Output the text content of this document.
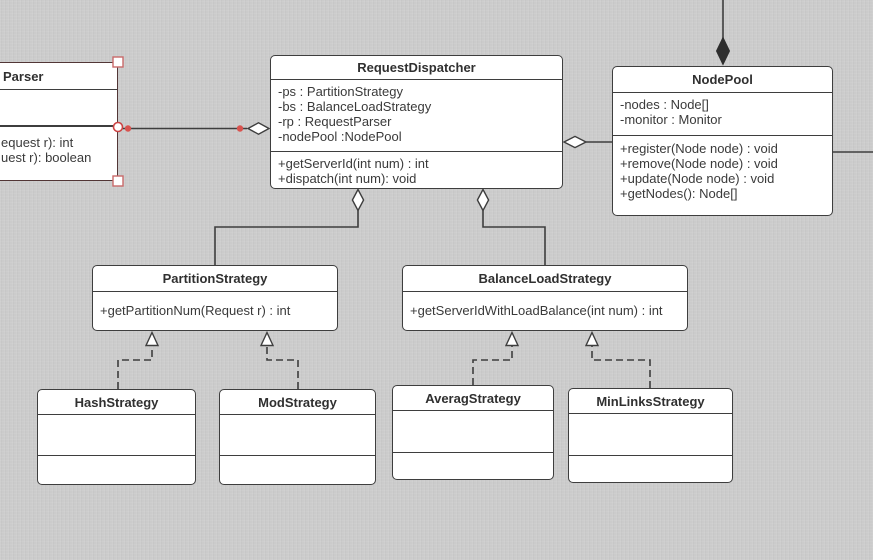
Parser
equest r): int
uest r): boolean
RequestDispatcher
-ps : PartitionStrategy
-bs : BalanceLoadStrategy
-rp : RequestParser
-nodePool :NodePool
+getServerId(int num) : int
+dispatch(int num): void
NodePool
-nodes : Node[]
-monitor : Monitor
+register(Node node) : void
+remove(Node node) : void
+update(Node node) : void
+getNodes(): Node[]
PartitionStrategy
+getPartitionNum(Request r) : int
BalanceLoadStrategy
+getServerIdWithLoadBalance(int num) : int
HashStrategy	ModStrategy	AveragStrategy	MinLinksStrategy
